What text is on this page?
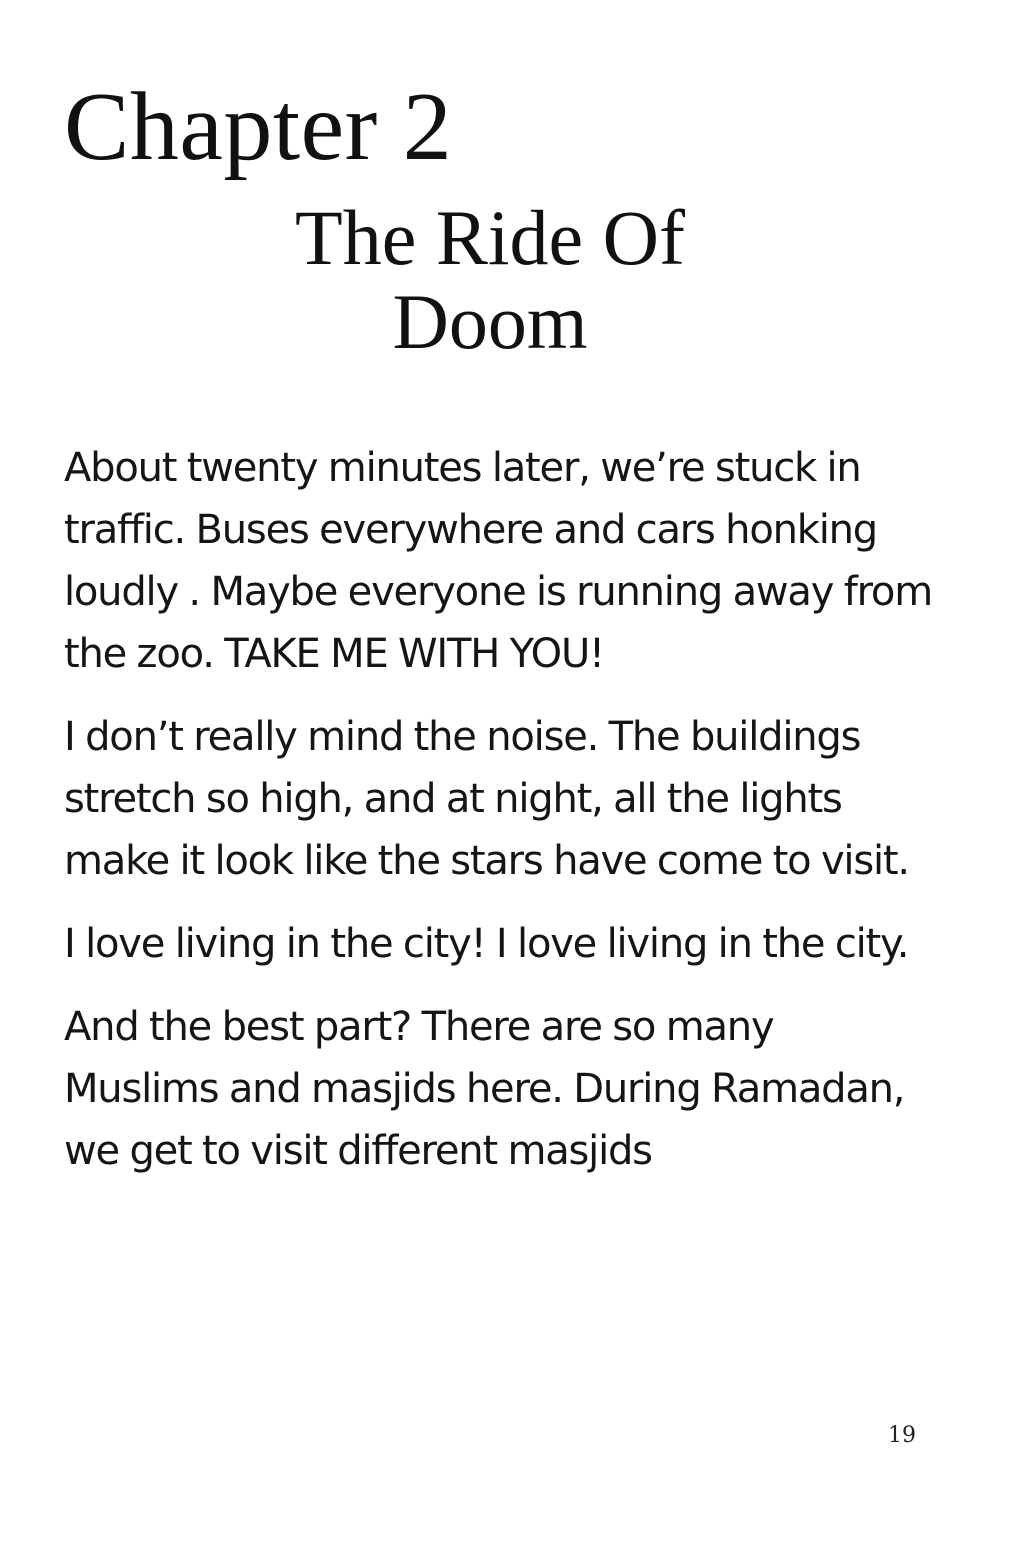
Chapter 2
The Ride Of
Doom

About twenty minutes later, we’re stuck in traffic. Buses everywhere and cars honking loudly . Maybe everyone is running away from the zoo. TAKE ME WITH YOU!

I don’t really mind the noise. The buildings stretch so high, and at night, all the lights make it look like the stars have come to visit.

I love living in the city! I love living in the city.

And the best part? There are so many Muslims and masjids here. During Ramadan, we get to visit different masjids

19
